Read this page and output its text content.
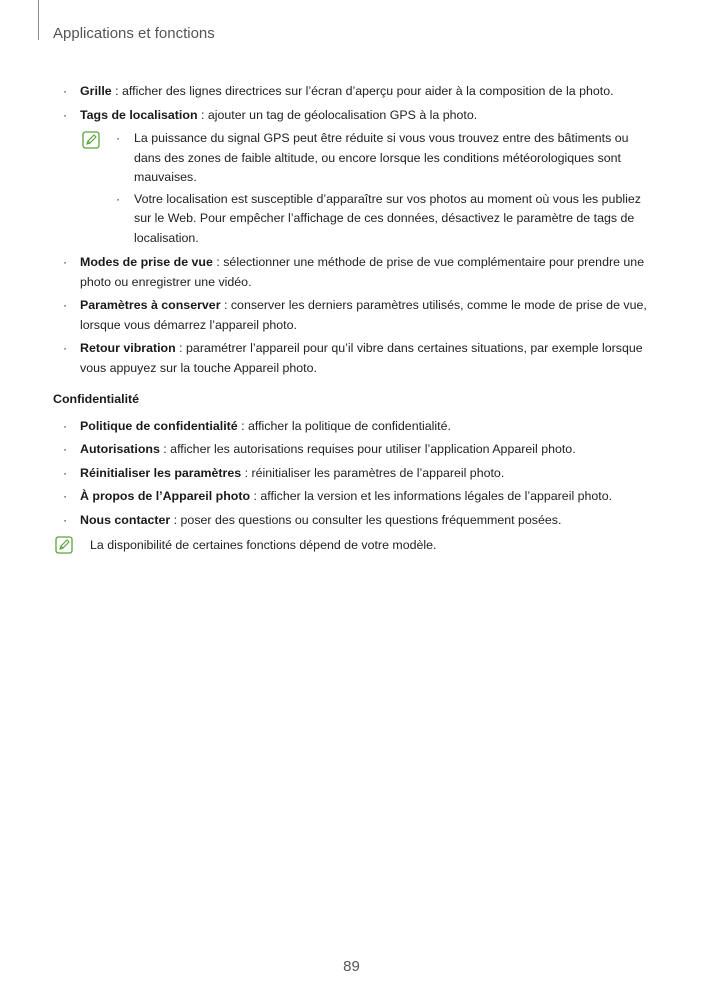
Applications et fonctions
· Grille : afficher des lignes directrices sur l’écran d’aperçu pour aider à la composition de la photo.
· Tags de localisation : ajouter un tag de géolocalisation GPS à la photo.
· La puissance du signal GPS peut être réduite si vous vous trouvez entre des bâtiments ou dans des zones de faible altitude, ou encore lorsque les conditions météorologiques sont mauvaises.
· Votre localisation est susceptible d’apparaître sur vos photos au moment où vous les publiez sur le Web. Pour empêcher l’affichage de ces données, désactivez le paramètre de tags de localisation.
· Modes de prise de vue : sélectionner une méthode de prise de vue complémentaire pour prendre une photo ou enregistrer une vidéo.
· Paramètres à conserver : conserver les derniers paramètres utilisés, comme le mode de prise de vue, lorsque vous démarrez l’appareil photo.
· Retour vibration : paramétrer l’appareil pour qu’il vibre dans certaines situations, par exemple lorsque vous appuyez sur la touche Appareil photo.
Confidentialité
· Politique de confidentialité : afficher la politique de confidentialité.
· Autorisations : afficher les autorisations requises pour utiliser l’application Appareil photo.
· Réinitialiser les paramètres : réinitialiser les paramètres de l’appareil photo.
· À propos de l’Appareil photo : afficher la version et les informations légales de l’appareil photo.
· Nous contacter : poser des questions ou consulter les questions fréquemment posées.
La disponibilité de certaines fonctions dépend de votre modèle.
89
